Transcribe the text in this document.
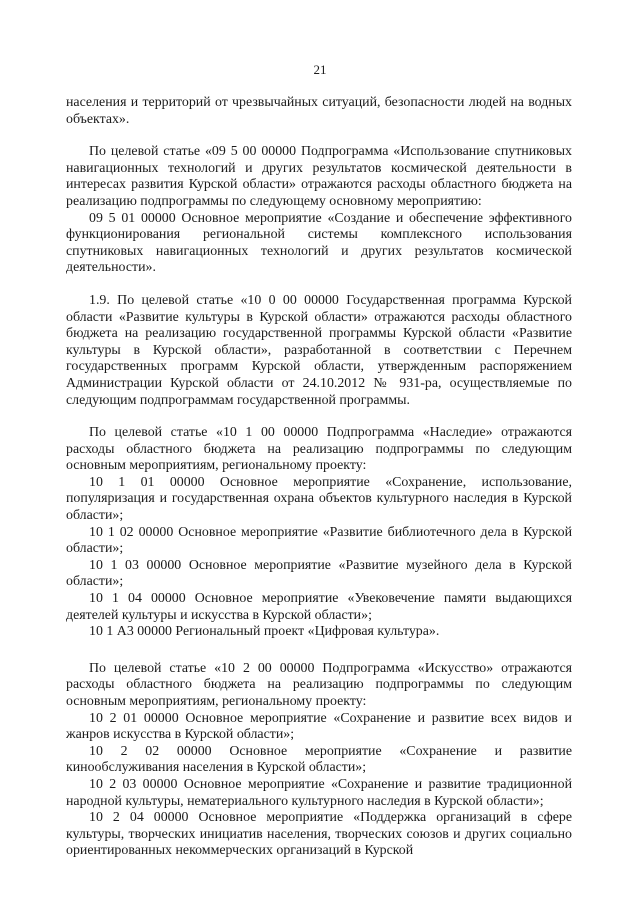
21

населения и территорий от чрезвычайных ситуаций, безопасности людей на водных объектах».

По целевой статье «09 5 00 00000 Подпрограмма «Использование спутниковых навигационных технологий и других результатов космической деятельности в интересах развития Курской области» отражаются расходы областного бюджета на реализацию подпрограммы по следующему основному мероприятию:

09 5 01 00000 Основное мероприятие «Создание и обеспечение эффективного функционирования региональной системы комплексного использования спутниковых навигационных технологий и других результатов космической деятельности».

1.9. По целевой статье «10 0 00 00000 Государственная программа Курской области «Развитие культуры в Курской области» отражаются расходы областного бюджета на реализацию государственной программы Курской области «Развитие культуры в Курской области», разработанной в соответствии с Перечнем государственных программ Курской области, утвержденным распоряжением Администрации Курской области от 24.10.2012 № 931-ра, осуществляемые по следующим подпрограммам государственной программы.

По целевой статье «10 1 00 00000 Подпрограмма «Наследие» отражаются расходы областного бюджета на реализацию подпрограммы по следующим основным мероприятиям, региональному проекту:

10 1 01 00000 Основное мероприятие «Сохранение, использование, популяризация и государственная охрана объектов культурного наследия в Курской области»;

10 1 02 00000 Основное мероприятие «Развитие библиотечного дела в Курской области»;

10 1 03 00000 Основное мероприятие «Развитие музейного дела в Курской области»;

10 1 04 00000 Основное мероприятие «Увековечение памяти выдающихся деятелей культуры и искусства в Курской области»;

10 1 А3 00000 Региональный проект «Цифровая культура».

По целевой статье «10 2 00 00000 Подпрограмма «Искусство» отражаются расходы областного бюджета на реализацию подпрограммы по следующим основным мероприятиям, региональному проекту:

10 2 01 00000 Основное мероприятие «Сохранение и развитие всех видов и жанров искусства в Курской области»;

10 2 02 00000 Основное мероприятие «Сохранение и развитие кинообслуживания населения в Курской области»;

10 2 03 00000 Основное мероприятие «Сохранение и развитие традиционной народной культуры, нематериального культурного наследия в Курской области»;

10 2 04 00000 Основное мероприятие «Поддержка организаций в сфере культуры, творческих инициатив населения, творческих союзов и других социально ориентированных некоммерческих организаций в Курской
